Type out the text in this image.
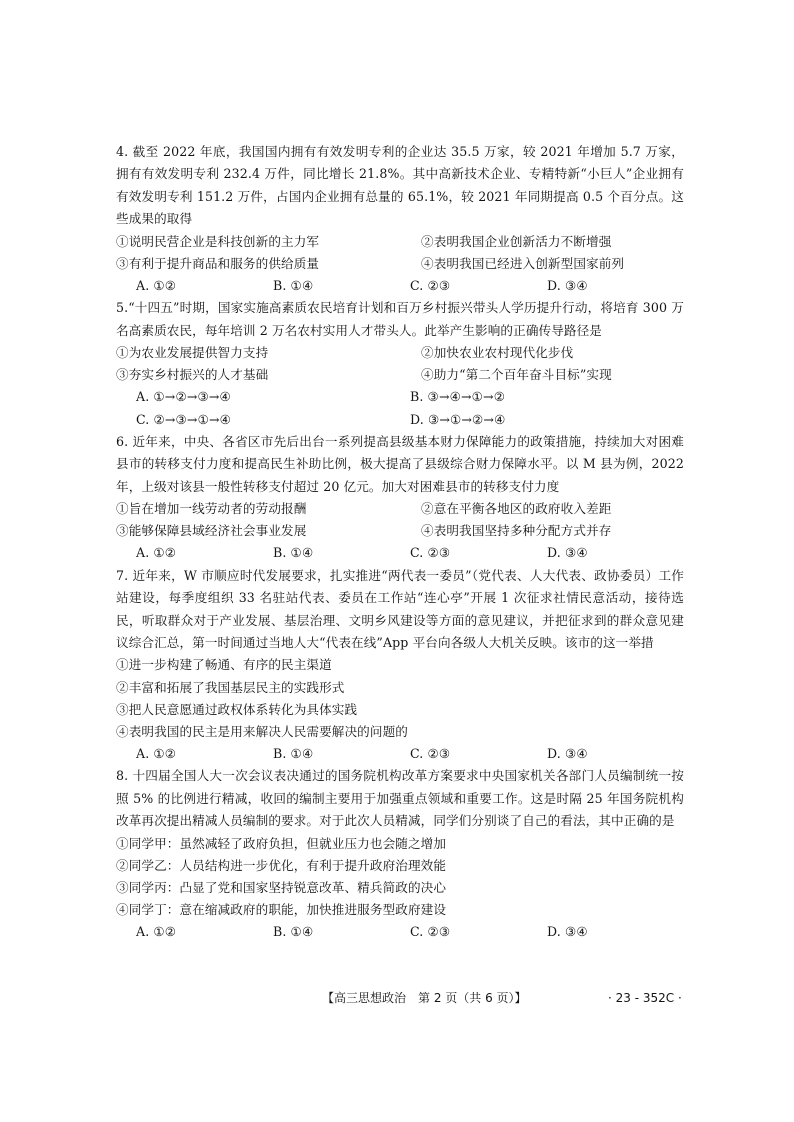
4. 截至 2022 年底，我国国内拥有有效发明专利的企业达 35.5 万家，较 2021 年增加 5.7 万家，拥有有效发明专利 232.4 万件，同比增长 21.8%。其中高新技术企业、专精特新“小巨人”企业拥有有效发明专利 151.2 万件，占国内企业拥有总量的 65.1%，较 2021 年同期提高 0.5 个百分点。这些成果的取得
①说明民营企业是科技创新的主力军	②表明我国企业创新活力不断增强
③有利于提升商品和服务的供给质量	④表明我国已经进入创新型国家前列
A. ①②	B. ①④	C. ②③	D. ③④
5.“十四五”时期，国家实施高素质农民培育计划和百万乡村振兴带头人学历提升行动，将培育 300 万名高素质农民，每年培训 2 万名农村实用人才带头人。此举产生影响的正确传导路径是
①为农业发展提供智力支持	②加快农业农村现代化步伐
③夯实乡村振兴的人才基础	④助力“第二个百年奋斗目标”实现
A. ①→②→③→④	B. ③→④→①→②
C. ②→③→①→④	D. ③→①→②→④
6. 近年来，中央、各省区市先后出台一系列提高县级基本财力保障能力的政策措施，持续加大对困难县市的转移支付力度和提高民生补助比例，极大提高了县级综合财力保障水平。以 M 县为例，2022 年，上级对该县一般性转移支付超过 20 亿元。加大对困难县市的转移支付力度
①旨在增加一线劳动者的劳动报酬	②意在平衡各地区的政府收入差距
③能够保障县域经济社会事业发展	④表明我国坚持多种分配方式并存
A. ①②	B. ①④	C. ②③	D. ③④
7. 近年来，W 市顺应时代发展要求，扎实推进“两代表一委员”（党代表、人大代表、政协委员）工作站建设，每季度组织 33 名驻站代表、委员在工作站“连心亭”开展 1 次征求社情民意活动，接待选民，听取群众对于产业发展、基层治理、文明乡风建设等方面的意见建议，并把征求到的群众意见建议综合汇总，第一时间通过当地人大“代表在线”App 平台向各级人大机关反映。该市的这一举措
①进一步构建了畅通、有序的民主渠道
②丰富和拓展了我国基层民主的实践形式
③把人民意愿通过政权体系转化为具体实践
④表明我国的民主是用来解决人民需要解决的问题的
A. ①②	B. ①④	C. ②③	D. ③④
8. 十四届全国人大一次会议表决通过的国务院机构改革方案要求中央国家机关各部门人员编制统一按照 5% 的比例进行精减，收回的编制主要用于加强重点领域和重要工作。这是时隔 25 年国务院机构改革再次提出精减人员编制的要求。对于此次人员精减，同学们分别谈了自己的看法，其中正确的是
①同学甲：虽然减轻了政府负担，但就业压力也会随之增加
②同学乙：人员结构进一步优化，有利于提升政府治理效能
③同学丙：凸显了党和国家坚持锐意改革、精兵简政的决心
④同学丁：意在缩减政府的职能，加快推进服务型政府建设
A. ①②	B. ①④	C. ②③	D. ③④
【高三思想政治　第 2 页（共 6 页）】	· 23 - 352C ·
